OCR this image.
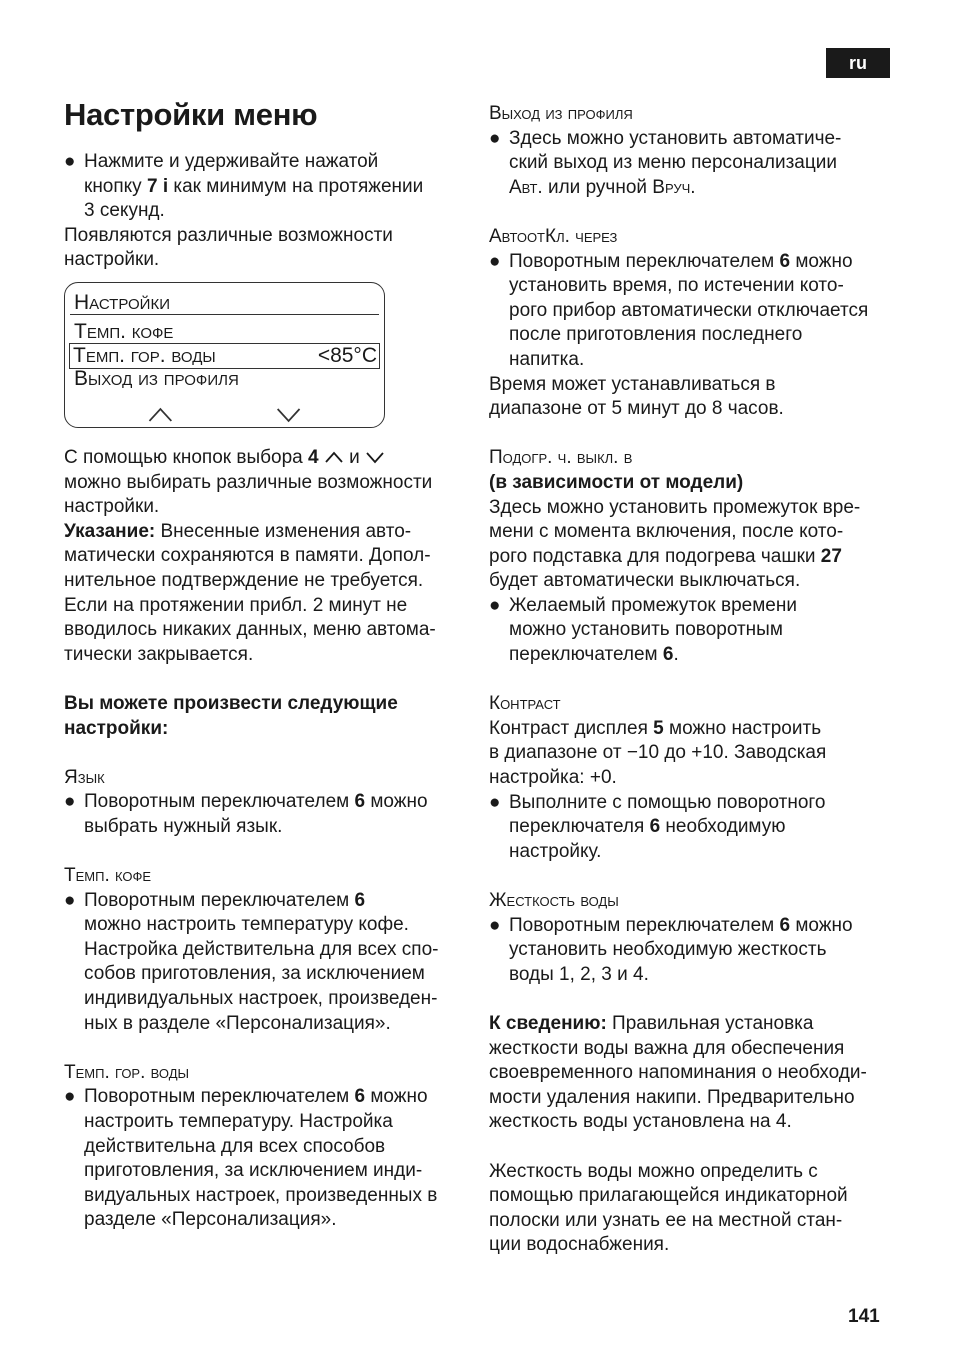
ru
Настройки меню
● Нажмите и удерживайте нажатой

кнопку 7 i как минимум на протяжении

3 секунд.

Появляются различные возможности

настройки.

С помощью кнопок выбора 4  и

можно выбирать различные возможности

настройки.

Указание: Внесенные изменения авто-

матически сохраняются в памяти. Допол-

нительное подтверждение не требуется.

Если на протяжении прибл. 2 минут не

вводилось никаких данных, меню автома-

тически закрывается.

Вы можете произвести следующие

настройки:

Язык

● Поворотным переключателем 6 можно

выбрать нужный язык.

Темп. кофе

● Поворотным переключателем 6

можно настроить температуру кофе.

Настройка действительна для всех спо-

собов приготовления, за исключением

индивидуальных настроек, произведен-

ных в разделе «Персонализация».

Темп. гор. воды

● Поворотным переключателем 6 можно

настроить температуру. Настройка

действительна для всех способов

приготовления, за исключением инди-

видуальных настроек, произведенных в

разделе «Персонализация».

Настройки
Темп. кофе
Темп. гор. воды	<85°C
Выход из профиля

Выход из профиля

● Здесь можно установить автоматиче-

ский выход из меню персонализации

Авт. или ручной Вруч.

АвтоотКл. через

● Поворотным переключателем 6 можно

установить время, по истечении кото-

рого прибор автоматически отключается

после приготовления последнего

напитка.

Время может устанавливаться в

диапазоне от 5 минут до 8 часов.

Подогр. ч. выкл. в

(в зависимости от модели)

Здесь можно установить промежуток вре-

мени с момента включения, после кото-

рого подставка для подогрева чашки 27

будет автоматически выключаться.

● Желаемый промежуток времени

можно установить поворотным

переключателем 6.

Контраст

Контраст дисплея 5 можно настроить

в диапазоне от −10 до +10. Заводская

настройка: +0.

● Выполните с помощью поворотного

переключателя 6 необходимую

настройку.

Жесткость воды

● Поворотным переключателем 6 можно

установить необходимую жесткость

воды 1, 2, 3 и 4.

К сведению: Правильная установка

жесткости воды важна для обеспечения

своевременного напоминания о необходи-

мости удаления накипи. Предварительно

жесткость воды установлена на 4.

Жесткость воды можно определить с

помощью прилагающейся индикаторной

полоски или узнать ее на местной стан-

ции водоснабжения.

141
